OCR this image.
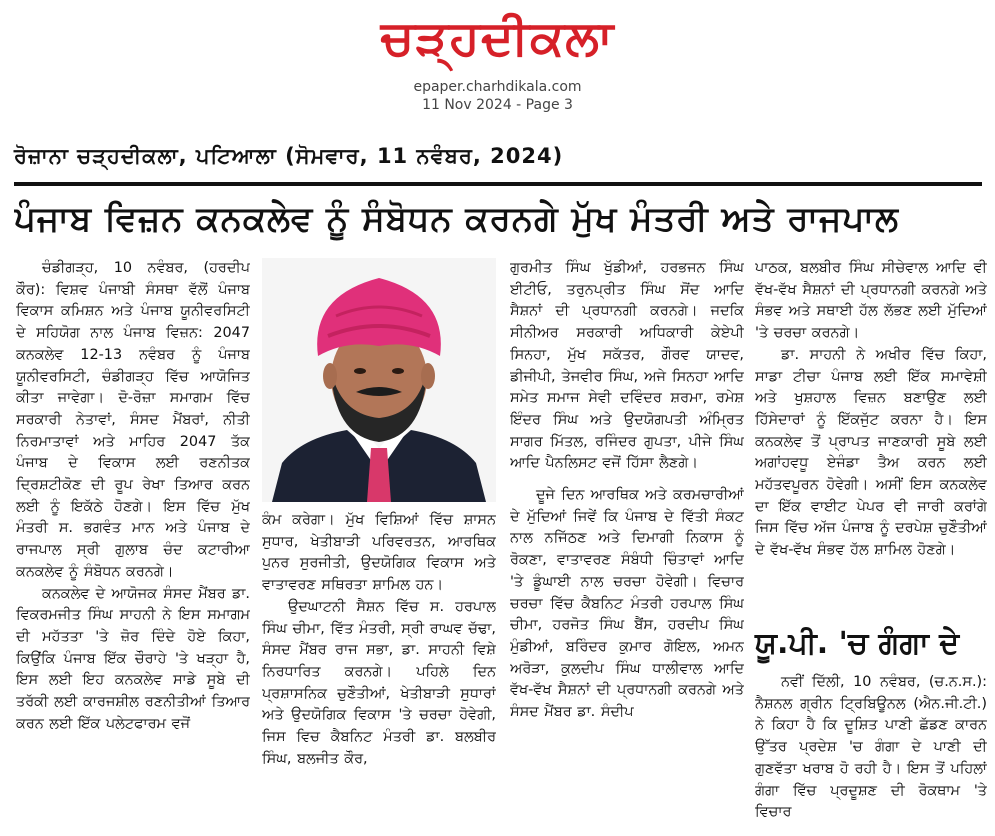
ਚੜ੍ਹਦੀਕਲਾ
epaper.charhdikala.com
11 Nov 2024 - Page 3
ਰੋਜ਼ਾਨਾ ਚੜ੍ਹਦੀਕਲਾ, ਪਟਿਆਲਾ (ਸੋਮਵਾਰ, 11 ਨਵੰਬਰ, 2024)
ਪੰਜਾਬ ਵਿਜ਼ਨ ਕਨਕਲੇਵ ਨੂੰ ਸੰਬੋਧਨ ਕਰਨਗੇ ਮੁੱਖ ਮੰਤਰੀ ਅਤੇ ਰਾਜਪਾਲ

ਚੰਡੀਗੜ੍ਹ, 10 ਨਵੰਬਰ, (ਹਰਦੀਪ ਕੌਰ): ਵਿਸ਼ਵ ਪੰਜਾਬੀ ਸੰਸਥਾ ਵੱਲੋਂ ਪੰਜਾਬ ਵਿਕਾਸ ਕਮਿਸ਼ਨ ਅਤੇ ਪੰਜਾਬ ਯੂਨੀਵਰਸਿਟੀ ਦੇ ਸਹਿਯੋਗ ਨਾਲ ਪੰਜਾਬ ਵਿਜ਼ਨ: 2047 ਕਨਕਲੇਵ 12-13 ਨਵੰਬਰ ਨੂੰ ਪੰਜਾਬ ਯੂਨੀਵਰਸਿਟੀ, ਚੰਡੀਗੜ੍ਹ ਵਿੱਚ ਆਯੋਜਿਤ ਕੀਤਾ ਜਾਵੇਗਾ। ਦੋ-ਰੋਜ਼ਾ ਸਮਾਗਮ ਵਿੱਚ ਸਰਕਾਰੀ ਨੇਤਾਵਾਂ, ਸੰਸਦ ਮੈਂਬਰਾਂ, ਨੀਤੀ ਨਿਰਮਾਤਾਵਾਂ ਅਤੇ ਮਾਹਿਰ 2047 ਤੱਕ ਪੰਜਾਬ ਦੇ ਵਿਕਾਸ ਲਈ ਰਣਨੀਤਕ ਦ੍ਰਿਸ਼ਟੀਕੋਣ ਦੀ ਰੂਪ ਰੇਖਾ ਤਿਆਰ ਕਰਨ ਲਈ ਨੂੰ ਇਕੱਠੇ ਹੋਣਗੇ। ਇਸ ਵਿੱਚ ਮੁੱਖ ਮੰਤਰੀ ਸ. ਭਗਵੰਤ ਮਾਨ ਅਤੇ ਪੰਜਾਬ ਦੇ ਰਾਜਪਾਲ ਸ੍ਰੀ ਗੁਲਾਬ ਚੰਦ ਕਟਾਰੀਆ ਕਨਕਲੇਵ ਨੂੰ ਸੰਬੋਧਨ ਕਰਨਗੇ।

ਕਨਕਲੇਵ ਦੇ ਆਯੋਜਕ ਸੰਸਦ ਮੈਂਬਰ ਡਾ. ਵਿਕਰਮਜੀਤ ਸਿੰਘ ਸਾਹਨੀ ਨੇ ਇਸ ਸਮਾਗਮ ਦੀ ਮਹੱਤਤਾ 'ਤੇ ਜ਼ੋਰ ਦਿੰਦੇ ਹੋਏ ਕਿਹਾ, ਕਿਉਂਕਿ ਪੰਜਾਬ ਇੱਕ ਚੌਰਾਹੇ 'ਤੇ ਖੜ੍ਹਾ ਹੈ, ਇਸ ਲਈ ਇਹ ਕਨਕਲੇਵ ਸਾਡੇ ਸੂਬੇ ਦੀ ਤਰੱਕੀ ਲਈ ਕਾਰਜਸ਼ੀਲ ਰਣਨੀਤੀਆਂ ਤਿਆਰ ਕਰਨ ਲਈ ਇੱਕ ਪਲੇਟਫਾਰਮ ਵਜੋਂ

ਕੰਮ ਕਰੇਗਾ। ਮੁੱਖ ਵਿਸ਼ਿਆਂ ਵਿੱਚ ਸ਼ਾਸਨ ਸੁਧਾਰ, ਖੇਤੀਬਾੜੀ ਪਰਿਵਰਤਨ, ਆਰਥਿਕ ਪੁਨਰ ਸੁਰਜੀਤੀ, ਉਦਯੋਗਿਕ ਵਿਕਾਸ ਅਤੇ ਵਾਤਾਵਰਣ ਸਥਿਰਤਾ ਸ਼ਾਮਿਲ ਹਨ।

ਉਦਘਾਟਨੀ ਸੈਸ਼ਨ ਵਿੱਚ ਸ. ਹਰਪਾਲ ਸਿੰਘ ਚੀਮਾ, ਵਿੱਤ ਮੰਤਰੀ, ਸ੍ਰੀ ਰਾਘਵ ਚੱਢਾ, ਸੰਸਦ ਮੈਂਬਰ ਰਾਜ ਸਭਾ, ਡਾ. ਸਾਹਨੀ ਵਿਸ਼ੇ ਨਿਰਧਾਰਿਤ ਕਰਨਗੇ। ਪਹਿਲੇ ਦਿਨ ਪ੍ਰਸ਼ਾਸਨਿਕ ਚੁਣੌਤੀਆਂ, ਖੇਤੀਬਾੜੀ ਸੁਧਾਰਾਂ ਅਤੇ ਉਦਯੋਗਿਕ ਵਿਕਾਸ 'ਤੇ ਚਰਚਾ ਹੋਵੇਗੀ, ਜਿਸ ਵਿਚ ਕੈਬਨਿਟ ਮੰਤਰੀ ਡਾ. ਬਲਬੀਰ ਸਿੰਘ, ਬਲਜੀਤ ਕੌਰ,

ਗੁਰਮੀਤ ਸਿੰਘ ਖੁੱਡੀਆਂ, ਹਰਭਜਨ ਸਿੰਘ ਈਟੀਓ, ਤਰੁਨਪ੍ਰੀਤ ਸਿੰਘ ਸੋਂਦ ਆਦਿ ਸੈਸ਼ਨਾਂ ਦੀ ਪ੍ਰਧਾਨਗੀ ਕਰਨਗੇ। ਜਦਕਿ ਸੀਨੀਅਰ ਸਰਕਾਰੀ ਅਧਿਕਾਰੀ ਕੇਏਪੀ ਸਿਨਹਾ, ਮੁੱਖ ਸਕੱਤਰ, ਗੌਰਵ ਯਾਦਵ, ਡੀਜੀਪੀ, ਤੇਜਵੀਰ ਸਿੰਘ, ਅਜੇ ਸਿਨਹਾ ਆਦਿ ਸਮੇਤ ਸਮਾਜ ਸੇਵੀ ਦਵਿੰਦਰ ਸ਼ਰਮਾ, ਰਮੇਸ਼ ਇੰਦਰ ਸਿੰਘ ਅਤੇ ਉਦਯੋਗਪਤੀ ਅੰਮ੍ਰਿਤ ਸਾਗਰ ਮਿੱਤਲ, ਰਜਿੰਦਰ ਗੁਪਤਾ, ਪੀਜੇ ਸਿੰਘ ਆਦਿ ਪੈਨਲਿਸਟ ਵਜੋਂ ਹਿੱਸਾ ਲੈਣਗੇ।

ਦੂਜੇ ਦਿਨ ਆਰਥਿਕ ਅਤੇ ਕਰਮਚਾਰੀਆਂ ਦੇ ਮੁੱਦਿਆਂ ਜਿਵੇਂ ਕਿ ਪੰਜਾਬ ਦੇ ਵਿੱਤੀ ਸੰਕਟ ਨਾਲ ਨਜਿੱਠਣ ਅਤੇ ਦਿਮਾਗੀ ਨਿਕਾਸ ਨੂੰ ਰੋਕਣਾ, ਵਾਤਾਵਰਣ ਸੰਬੰਧੀ ਚਿੰਤਾਵਾਂ ਆਦਿ 'ਤੇ ਡੂੰਘਾਈ ਨਾਲ ਚਰਚਾ ਹੋਵੇਗੀ। ਵਿਚਾਰ ਚਰਚਾ ਵਿੱਚ ਕੈਬਨਿਟ ਮੰਤਰੀ ਹਰਪਾਲ ਸਿੰਘ ਚੀਮਾ, ਹਰਜੋਤ ਸਿੰਘ ਬੈਂਸ, ਹਰਦੀਪ ਸਿੰਘ ਮੁੰਡੀਆਂ, ਬਰਿੰਦਰ ਕੁਮਾਰ ਗੋਇਲ, ਅਮਨ ਅਰੋੜਾ, ਕੁਲਦੀਪ ਸਿੰਘ ਧਾਲੀਵਾਲ ਆਦਿ ਵੱਖ-ਵੱਖ ਸੈਸ਼ਨਾਂ ਦੀ ਪ੍ਰਧਾਨਗੀ ਕਰਨਗੇ ਅਤੇ ਸੰਸਦ ਮੈਂਬਰ ਡਾ. ਸੰਦੀਪ

ਪਾਠਕ, ਬਲਬੀਰ ਸਿੰਘ ਸੀਚੇਵਾਲ ਆਦਿ ਵੀ ਵੱਖ-ਵੱਖ ਸੈਸ਼ਨਾਂ ਦੀ ਪ੍ਰਧਾਨਗੀ ਕਰਨਗੇ ਅਤੇ ਸੰਭਵ ਅਤੇ ਸਥਾਈ ਹੱਲ ਲੱਭਣ ਲਈ ਮੁੱਦਿਆਂ 'ਤੇ ਚਰਚਾ ਕਰਨਗੇ।

ਡਾ. ਸਾਹਨੀ ਨੇ ਅਖੀਰ ਵਿੱਚ ਕਿਹਾ, ਸਾਡਾ ਟੀਚਾ ਪੰਜਾਬ ਲਈ ਇੱਕ ਸਮਾਵੇਸ਼ੀ ਅਤੇ ਖੁਸ਼ਹਾਲ ਵਿਜ਼ਨ ਬਣਾਉਣ ਲਈ ਹਿੱਸੇਦਾਰਾਂ ਨੂੰ ਇੱਕਜੁੱਟ ਕਰਨਾ ਹੈ। ਇਸ ਕਨਕਲੇਵ ਤੋਂ ਪ੍ਰਾਪਤ ਜਾਣਕਾਰੀ ਸੂਬੇ ਲਈ ਅਗਾਂਹਵਧੂ ਏਜੰਡਾ ਤੈਅ ਕਰਨ ਲਈ ਮਹੱਤਵਪੂਰਨ ਹੋਵੇਗੀ। ਅਸੀਂ ਇਸ ਕਨਕਲੇਵ ਦਾ ਇੱਕ ਵਾਈਟ ਪੇਪਰ ਵੀ ਜਾਰੀ ਕਰਾਂਗੇ ਜਿਸ ਵਿੱਚ ਅੱਜ ਪੰਜਾਬ ਨੂੰ ਦਰਪੇਸ਼ ਚੁਣੌਤੀਆਂ ਦੇ ਵੱਖ-ਵੱਖ ਸੰਭਵ ਹੱਲ ਸ਼ਾਮਿਲ ਹੋਣਗੇ।

ਯੂ.ਪੀ. 'ਚ ਗੰਗਾ ਦੇ

ਨਵੀਂ ਦਿੱਲੀ, 10 ਨਵੰਬਰ, (ਚ.ਨ.ਸ.): ਨੈਸ਼ਨਲ ਗ੍ਰੀਨ ਟ੍ਰਿਬਿਊਨਲ (ਐਨ.ਜੀ.ਟੀ.) ਨੇ ਕਿਹਾ ਹੈ ਕਿ ਦੂਸ਼ਿਤ ਪਾਣੀ ਛੱਡਣ ਕਾਰਨ ਉੱਤਰ ਪ੍ਰਦੇਸ਼ 'ਚ ਗੰਗਾ ਦੇ ਪਾਣੀ ਦੀ ਗੁਣਵੱਤਾ ਖਰਾਬ ਹੋ ਰਹੀ ਹੈ। ਇਸ ਤੋਂ ਪਹਿਲਾਂ ਗੰਗਾ ਵਿੱਚ ਪ੍ਰਦੂਸ਼ਣ ਦੀ ਰੋਕਥਾਮ 'ਤੇ ਵਿਚਾਰ
